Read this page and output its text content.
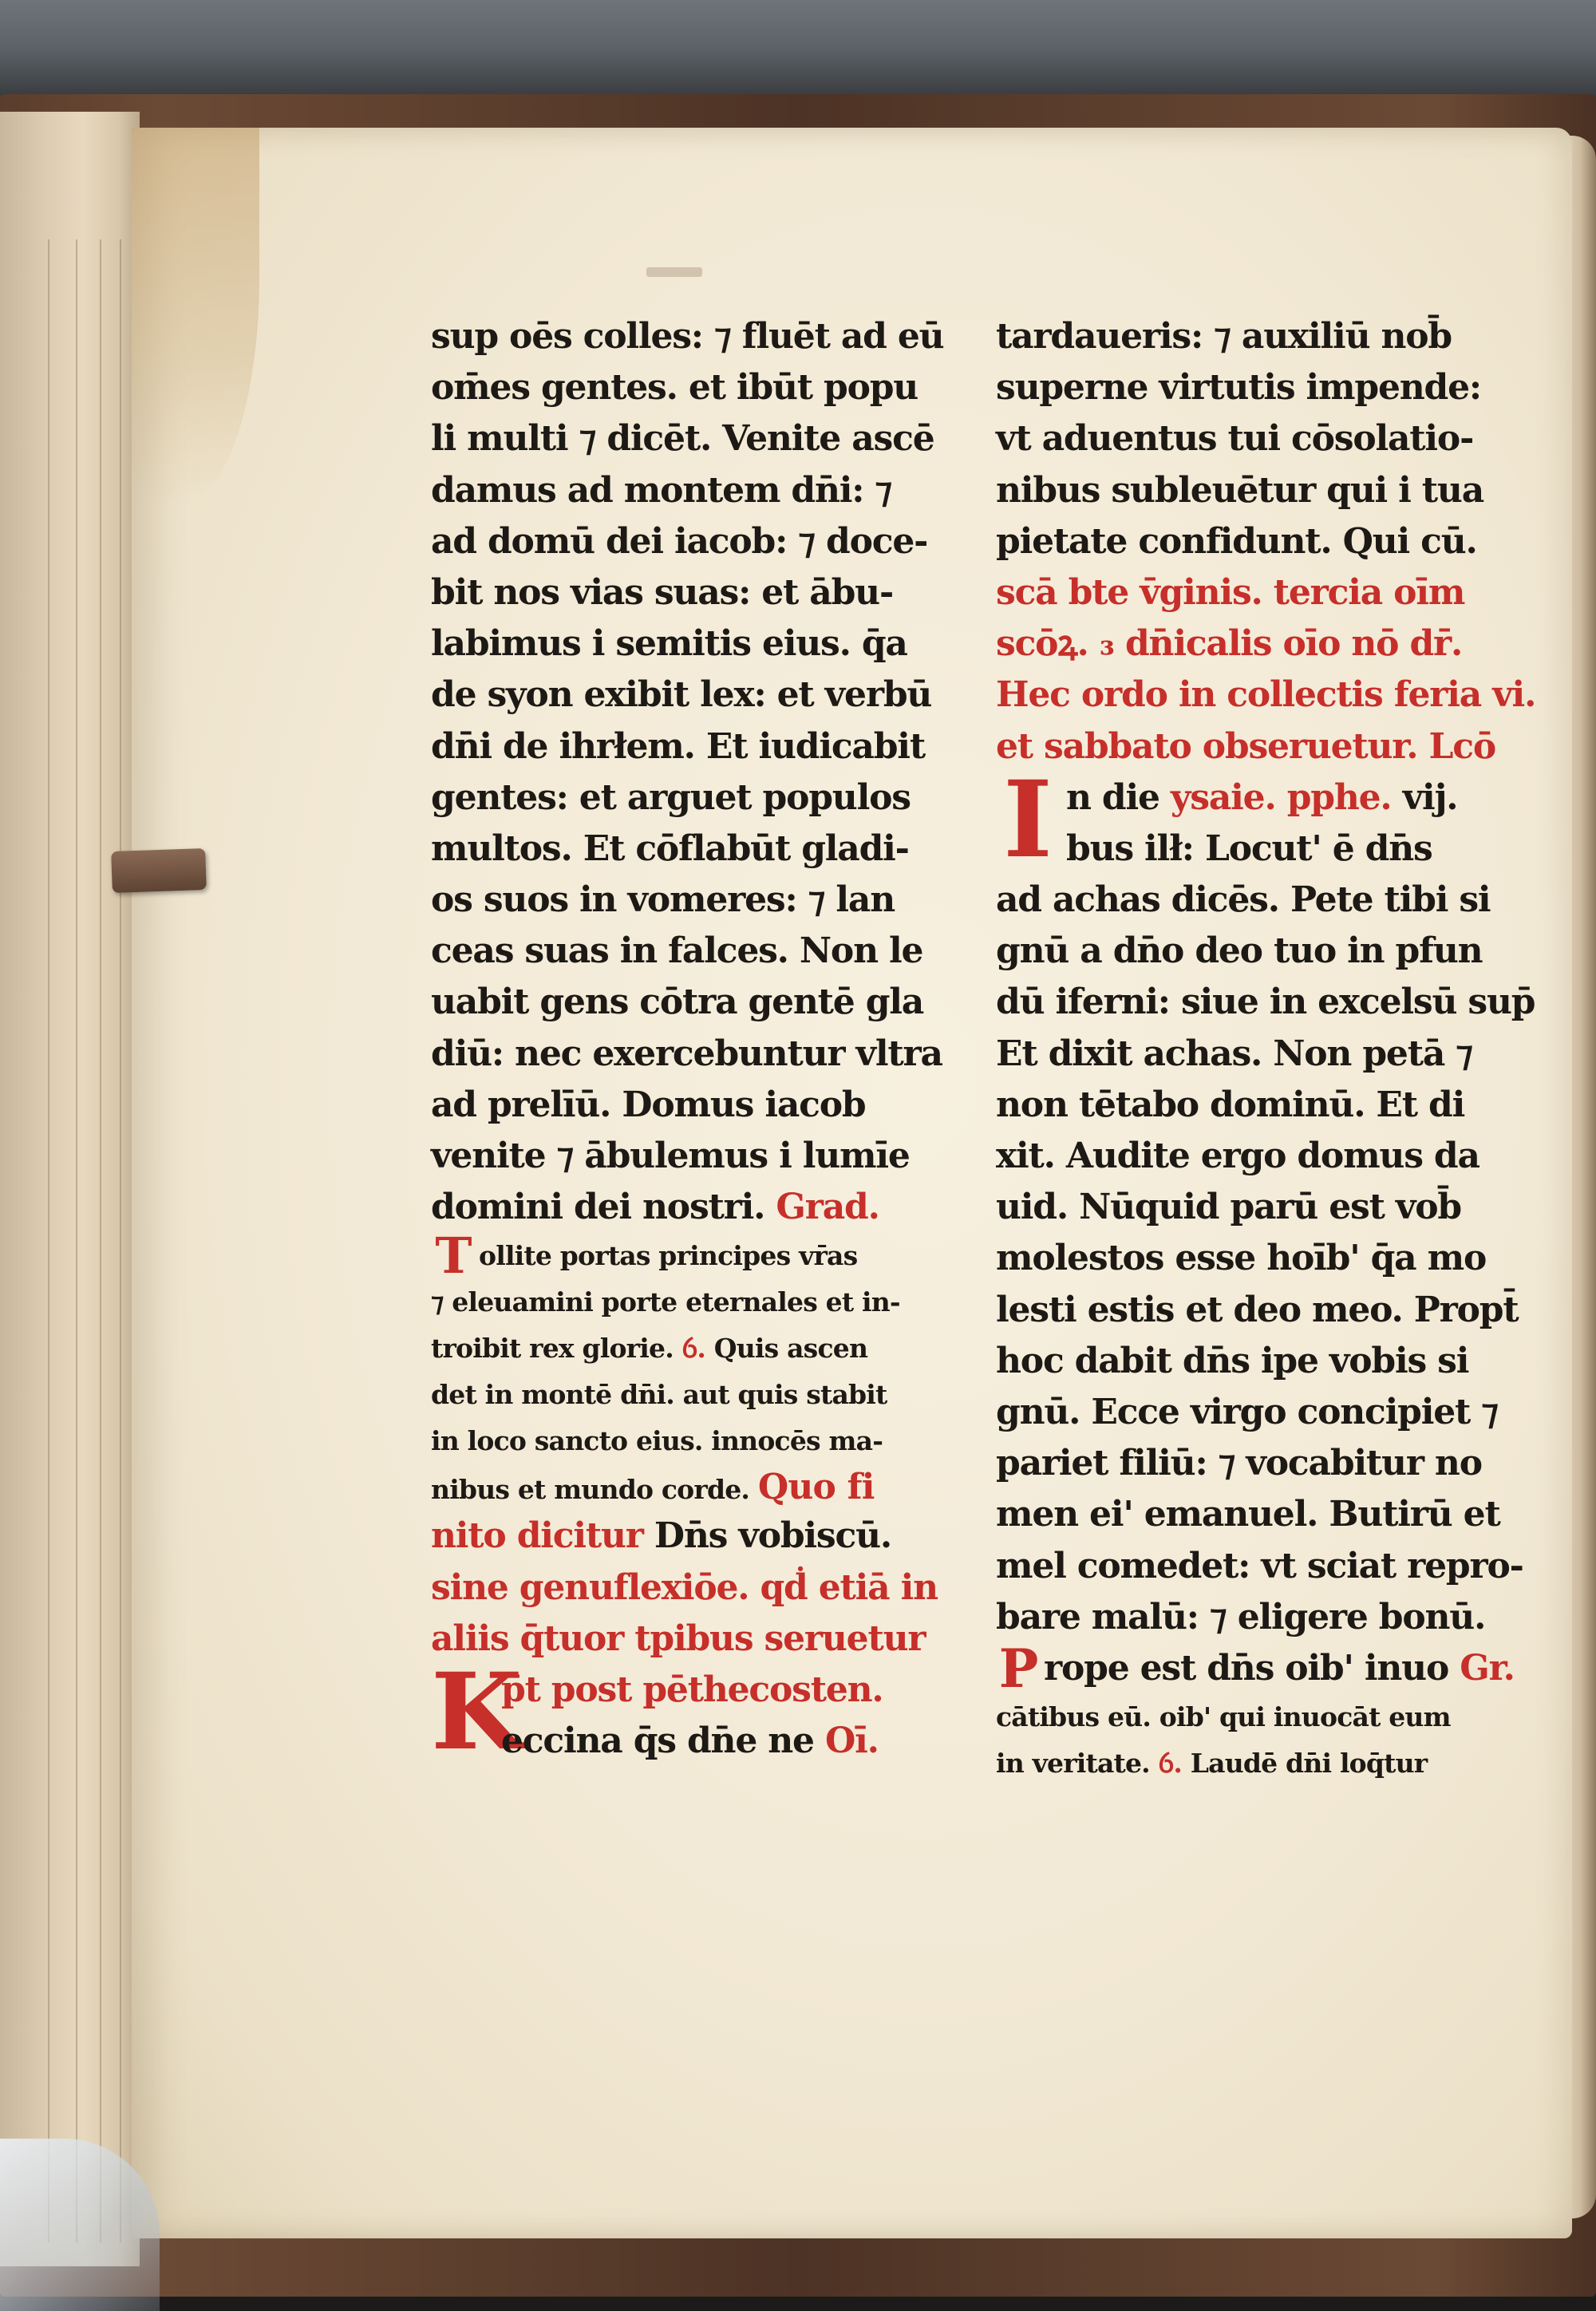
sup oēs colles: ⁊ fluēt ad eū
om̄es gentes. et ibūt popu
li multi ⁊ dicēt. Venite ascē
damus ad montem dn̄i: ⁊
ad domū dei iacob: ⁊ doce-
bit nos vias suas: et ābu-
labimus i semitis eius. q̄a
de syon exibit lex: et verbū
dn̄i de ihrłem. Et iudicabit
gentes: et arguet populos
multos. Et cōflabūt gladi-
os suos in vomeres: ⁊ lan
ceas suas in falces. Non le
uabit gens cōtra gentē gla
diū: nec exercebuntur vltra
ad prelīū. Domus iacob
venite ⁊ ābulemus i lumīe
domini dei nostri. Grad.
T ollite portas principes vr̄as
⁊ eleuamini porte eternales et in-
troibit rex glorie. ỽ. Quis ascen
det in montē dn̄i. aut quis stabit
in loco sancto eius. innocēs ma-
nibus et mundo corde. Quo fi
nito dicitur Dn̄s vobiscū.
sine genuflexiōe. qḋ etiā in
aliis q̄tuor tpibus seruetur
K
p̄t post pēthecosten.
eccina q̄s dn̄e ne Oī.
tardaueris: ⁊ auxiliū nob̄
superne virtutis impende:
vt aduentus tui cōsolatio-
nibus subleuētur qui i tua
pietate confidunt. Qui cū.
scā bte v̄ginis. tercia oīm
scōꝝ. ₃ dn̄icalis oīo nō dr̄.
Hec ordo in collectis feria vi.
et sabbato obseruetur. Lcō
I n die ysaie. pphe. vij.
bus ilł: Locut' ē dn̄s
ad achas dicēs. Pete tibi si
gnū a dn̄o deo tuo in pfun
dū iferni: siue in excelsū sup̄
Et dixit achas. Non petā ⁊
non tētabo dominū. Et di
xit. Audite ergo domus da
uid. Nūquid parū est vob̄
molestos esse hoīb' q̄a mo
lesti estis et deo meo. Propt̄
hoc dabit dn̄s ipe vobis si
gnū. Ecce virgo concipiet ⁊
pariet filiū: ⁊ vocabitur no
men ei' emanuel. Butirū et
mel comedet: vt sciat repro-
bare malū: ⁊ eligere bonū.
P rope est dn̄s oib' inuo Gr.
cātibus eū. oib' qui inuocāt eum
in veritate. ỽ. Laudē dn̄i loq̄tur
